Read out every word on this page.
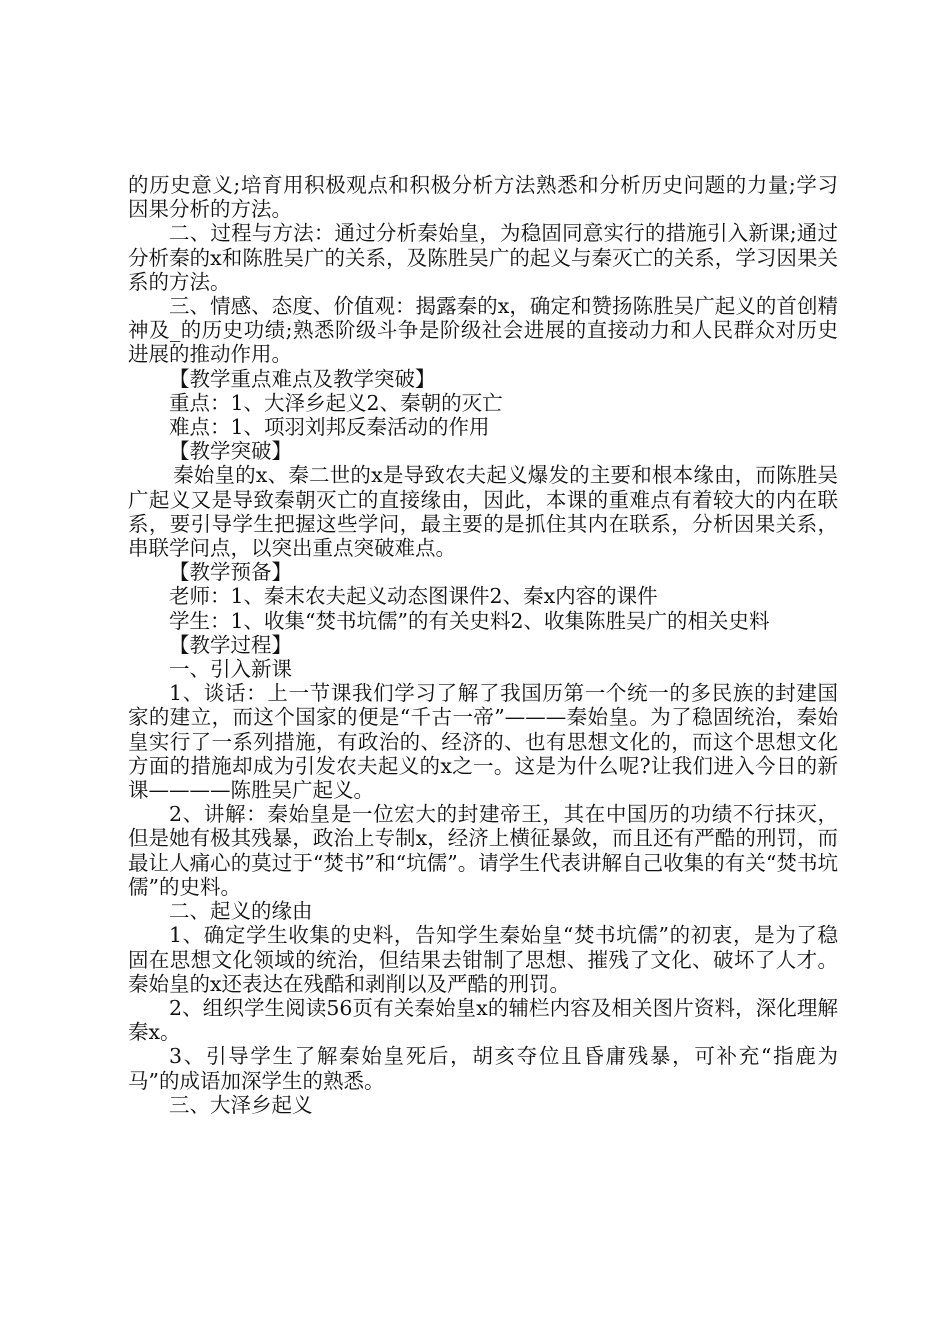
的历史意义;培育用积极观点和积极分析方法熟悉和分析历史问题的力量;学习因果分析的方法。

二、过程与方法：通过分析秦始皇，为稳固同意实行的措施引入新课;通过分析秦的x和陈胜吴广的关系，及陈胜吴广的起义与秦灭亡的关系，学习因果关系的方法。

三、情感、态度、价值观：揭露秦的x，确定和赞扬陈胜吴广起义的首创精神及_的历史功绩;熟悉阶级斗争是阶级社会进展的直接动力和人民群众对历史进展的推动作用。

【教学重点难点及教学突破】

重点：1、大泽乡起义2、秦朝的灭亡

难点：1、项羽刘邦反秦活动的作用

【教学突破】

秦始皇的x、秦二世的x是导致农夫起义爆发的主要和根本缘由，而陈胜吴广起义又是导致秦朝灭亡的直接缘由，因此，本课的重难点有着较大的内在联系，要引导学生把握这些学问，最主要的是抓住其内在联系，分析因果关系，串联学问点，以突出重点突破难点。

【教学预备】

老师：1、秦末农夫起义动态图课件2、秦x内容的课件

学生：1、收集“焚书坑儒”的有关史料2、收集陈胜吴广的相关史料

【教学过程】

一、引入新课

1、谈话：上一节课我们学习了解了我国历第一个统一的多民族的封建国家的建立，而这个国家的便是“千古一帝”———秦始皇。为了稳固统治，秦始皇实行了一系列措施，有政治的、经济的、也有思想文化的，而这个思想文化方面的措施却成为引发农夫起义的x之一。这是为什么呢?让我们进入今日的新课————陈胜吴广起义。

2、讲解：秦始皇是一位宏大的封建帝王，其在中国历的功绩不行抹灭，但是她有极其残暴，政治上专制x，经济上横征暴敛，而且还有严酷的刑罚，而最让人痛心的莫过于“焚书”和“坑儒”。请学生代表讲解自己收集的有关“焚书坑儒”的史料。

二、起义的缘由

1、确定学生收集的史料，告知学生秦始皇“焚书坑儒”的初衷，是为了稳固在思想文化领域的统治，但结果去钳制了思想、摧残了文化、破坏了人才。秦始皇的x还表达在残酷和剥削以及严酷的刑罚。

2、组织学生阅读56页有关秦始皇x的辅栏内容及相关图片资料，深化理解秦x。

3、引导学生了解秦始皇死后，胡亥夺位且昏庸残暴，可补充“指鹿为马”的成语加深学生的熟悉。

三、大泽乡起义
